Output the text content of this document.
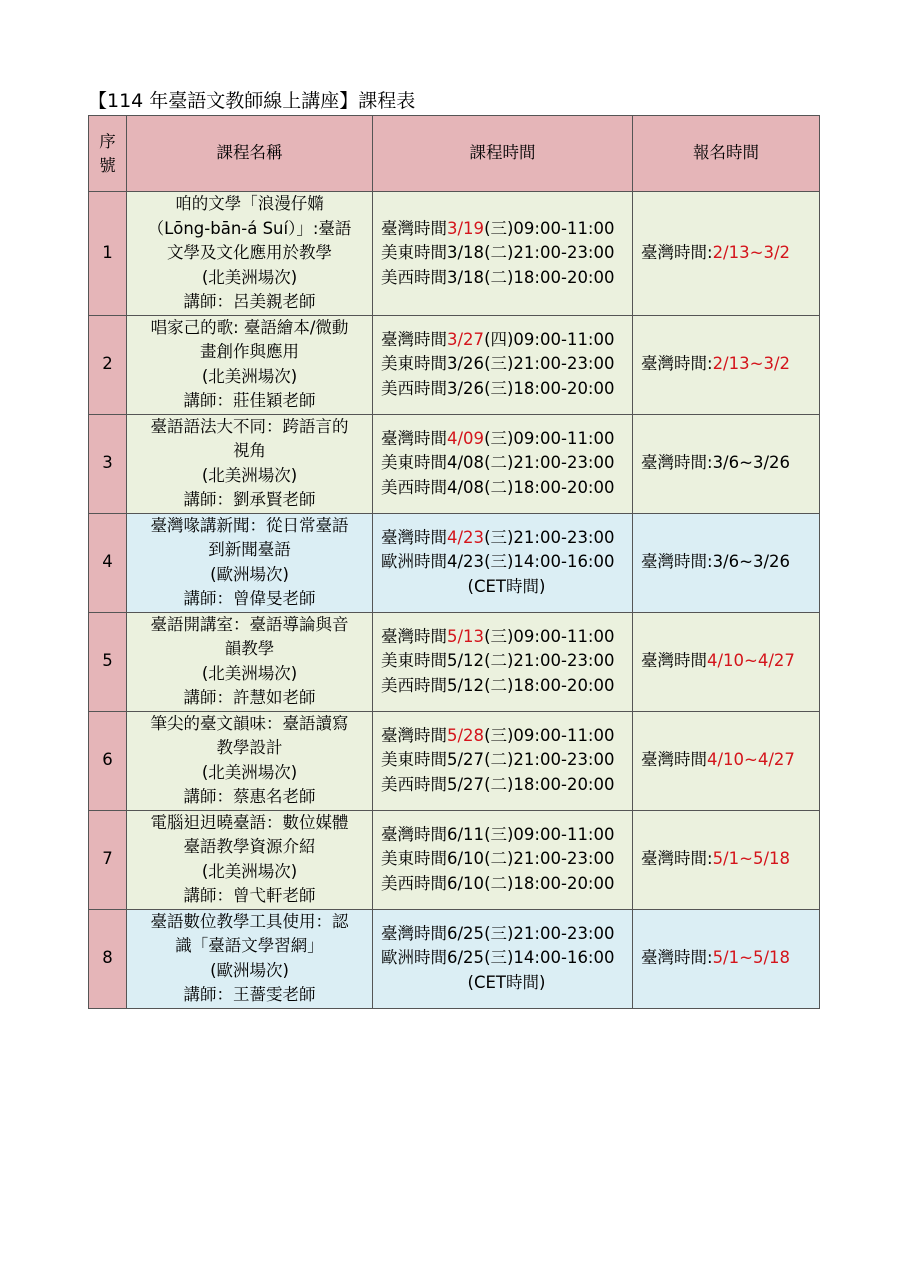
【114 年臺語文教師線上講座】課程表
序號	課程名稱	課程時間	報名時間
1	咱的文學「浪漫仔嫷
（Lōng-bān-á Suí）」:臺語
文學及文化應用於教學
(北美洲場次)
講師：呂美親老師	臺灣時間3/19(三)09:00-11:00
美東時間3/18(二)21:00-23:00
美西時間3/18(二)18:00-20:00	臺灣時間:2/13~3/2
2	唱家己的歌: 臺語繪本/微動
畫創作與應用
(北美洲場次)
講師：莊佳穎老師	臺灣時間3/27(四)09:00-11:00
美東時間3/26(三)21:00-23:00
美西時間3/26(三)18:00-20:00	臺灣時間:2/13~3/2
3	臺語語法大不同：跨語言的
視角
(北美洲場次)
講師：劉承賢老師	臺灣時間4/09(三)09:00-11:00
美東時間4/08(二)21:00-23:00
美西時間4/08(二)18:00-20:00	臺灣時間:3/6~3/26
4	臺灣喙講新聞：從日常臺語
到新聞臺語
(歐洲場次)
講師：曾偉旻老師	臺灣時間4/23(三)21:00-23:00
歐洲時間4/23(三)14:00-16:00
(CET時間)	臺灣時間:3/6~3/26
5	臺語開講室：臺語導論與音
韻教學
(北美洲場次)
講師：許慧如老師	臺灣時間5/13(三)09:00-11:00
美東時間5/12(二)21:00-23:00
美西時間5/12(二)18:00-20:00	臺灣時間4/10~4/27
6	筆尖的臺文韻味：臺語讀寫
教學設計
(北美洲場次)
講師：蔡惠名老師	臺灣時間5/28(三)09:00-11:00
美東時間5/27(二)21:00-23:00
美西時間5/27(二)18:00-20:00	臺灣時間4/10~4/27
7	電腦𨑨迌曉臺語：數位媒體
臺語教學資源介紹
(北美洲場次)
講師：曾弋軒老師	臺灣時間6/11(三)09:00-11:00
美東時間6/10(二)21:00-23:00
美西時間6/10(二)18:00-20:00	臺灣時間:5/1~5/18
8	臺語數位教學工具使用：認
識「臺語文學習網」
(歐洲場次)
講師：王薔雯老師	臺灣時間6/25(三)21:00-23:00
歐洲時間6/25(三)14:00-16:00
(CET時間)	臺灣時間:5/1~5/18
